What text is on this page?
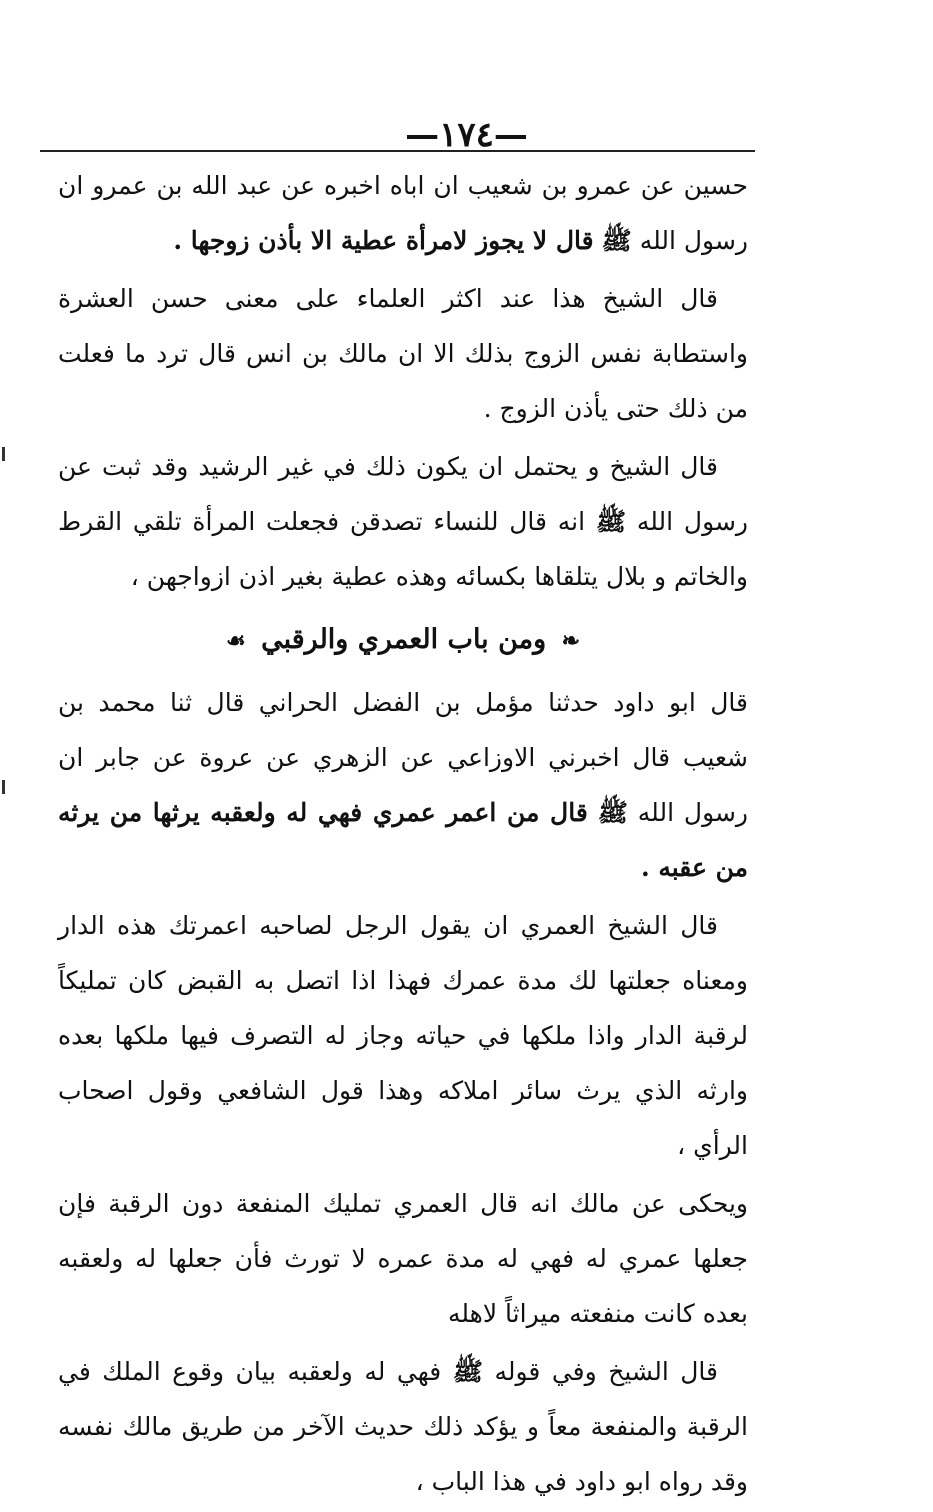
—١٧٤—

حسين عن عمرو بن شعيب ان اباه اخبره عن عبد الله بن عمرو ان رسول الله ﷺ قال لا يجوز لامرأة عطية الا بأذن زوجها .

قال الشيخ هذا عند اكثر العلماء على معنى حسن العشرة واستطابة نفس الزوج بذلك الا ان مالك بن انس قال ترد ما فعلت من ذلك حتى يأذن الزوج .

قال الشيخ و يحتمل ان يكون ذلك في غير الرشيد وقد ثبت عن رسول الله ﷺ انه قال للنساء تصدقن فجعلت المرأة تلقي القرط والخاتم و بلال يتلقاها بكسائه وهذه عطية بغير اذن ازواجهن ،

❧ ومن باب العمري والرقبي ☙

قال ابو داود حدثنا مؤمل بن الفضل الحراني قال ثنا محمد بن شعيب قال اخبرني الاوزاعي عن الزهري عن عروة عن جابر ان رسول الله ﷺ قال من اعمر عمري فهي له ولعقبه يرثها من يرثه من عقبه .

قال الشيخ العمري ان يقول الرجل لصاحبه اعمرتك هذه الدار ومعناه جعلتها لك مدة عمرك فهذا اذا اتصل به القبض كان تمليكاً لرقبة الدار واذا ملكها في حياته وجاز له التصرف فيها ملكها بعده وارثه الذي يرث سائر املاكه وهذا قول الشافعي وقول اصحاب الرأي ،

ويحكى عن مالك انه قال العمري تمليك المنفعة دون الرقبة فإن جعلها عمري له فهي له مدة عمره لا تورث فأن جعلها له ولعقبه بعده كانت منفعته ميراثاً لاهله

قال الشيخ وفي قوله ﷺ فهي له ولعقبه بيان وقوع الملك في الرقبة والمنفعة معاً و يؤكد ذلك حديث الآخر من طريق مالك نفسه وقد رواه ابو داود في هذا الباب ،
